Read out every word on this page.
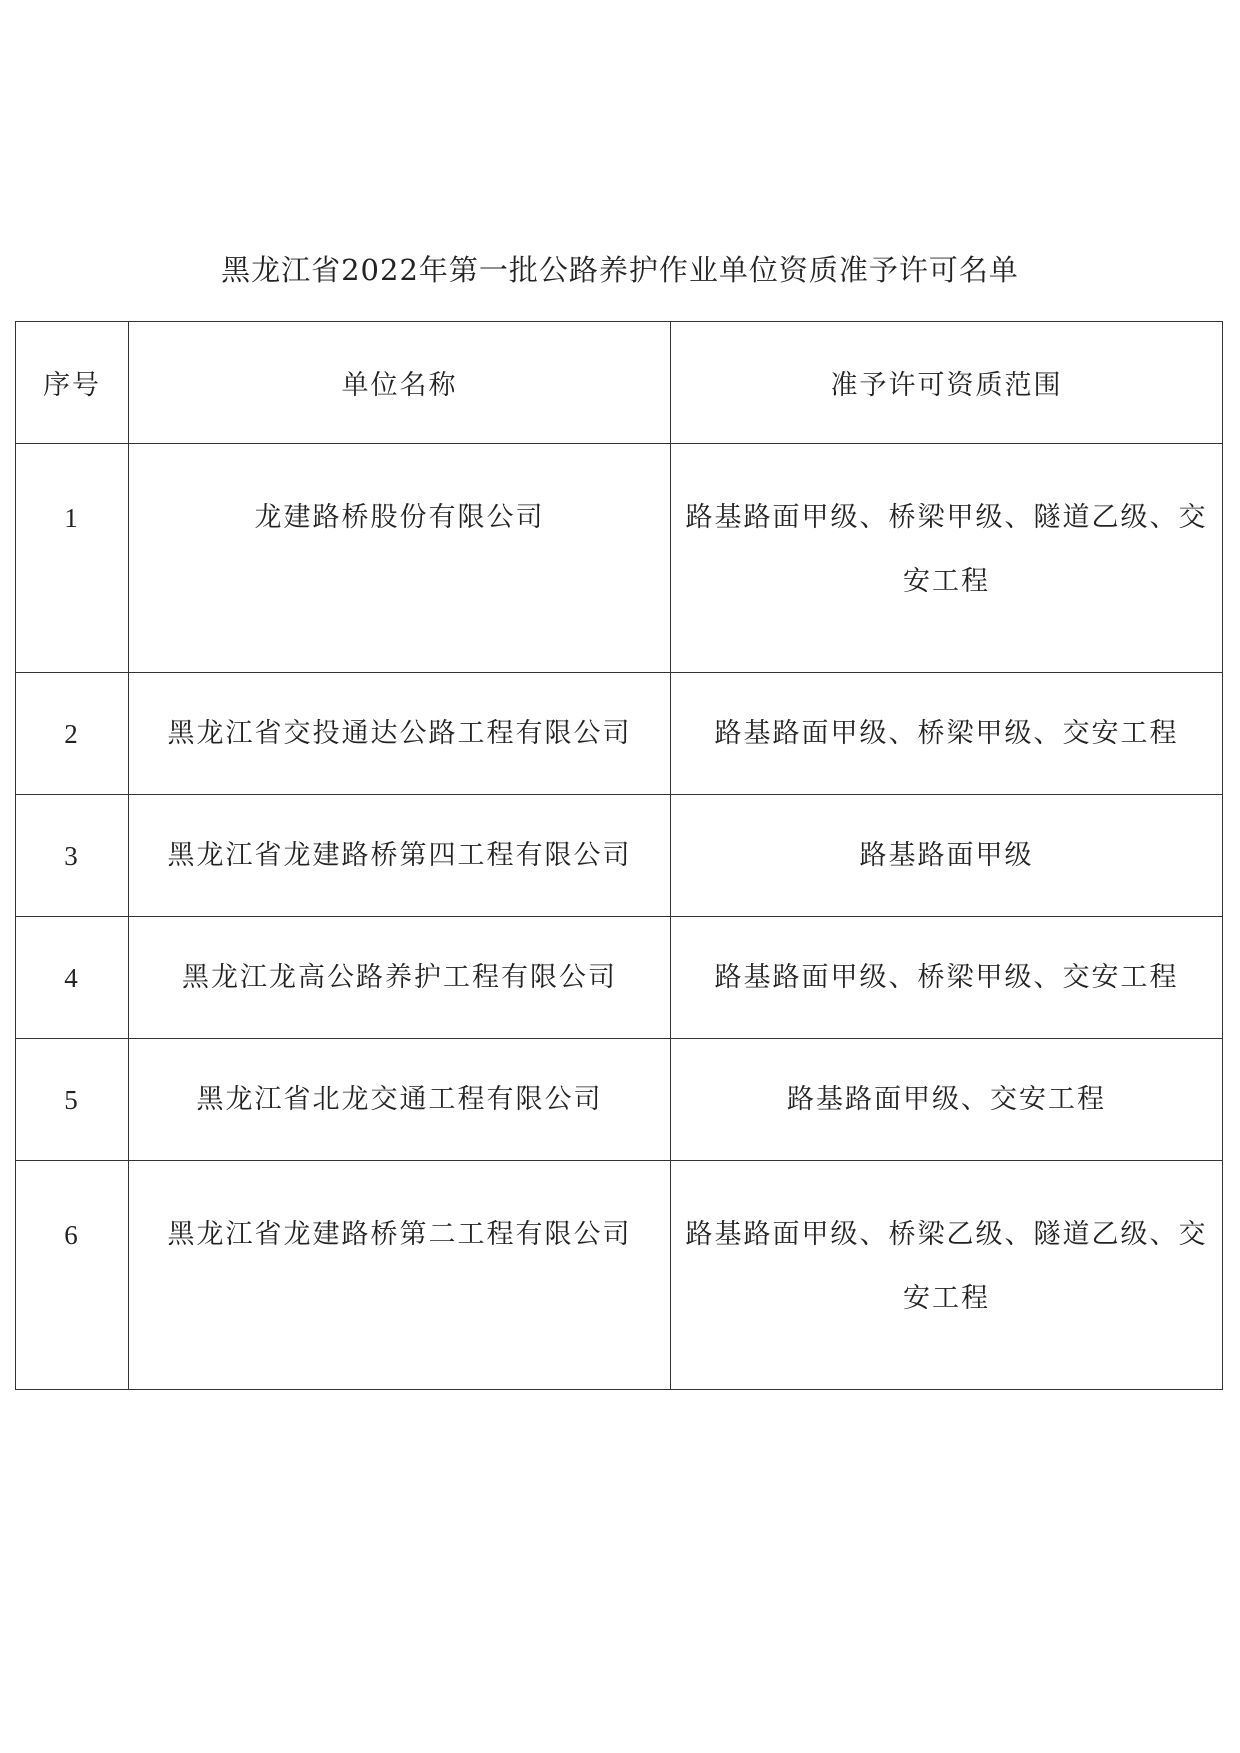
黑龙江省2022年第一批公路养护作业单位资质准予许可名单
序号	单位名称	准予许可资质范围
1	龙建路桥股份有限公司	路基路面甲级、桥梁甲级、隧道乙级、交安工程
2	黑龙江省交投通达公路工程有限公司	路基路面甲级、桥梁甲级、交安工程
3	黑龙江省龙建路桥第四工程有限公司	路基路面甲级
4	黑龙江龙高公路养护工程有限公司	路基路面甲级、桥梁甲级、交安工程
5	黑龙江省北龙交通工程有限公司	路基路面甲级、交安工程
6	黑龙江省龙建路桥第二工程有限公司	路基路面甲级、桥梁乙级、隧道乙级、交安工程
